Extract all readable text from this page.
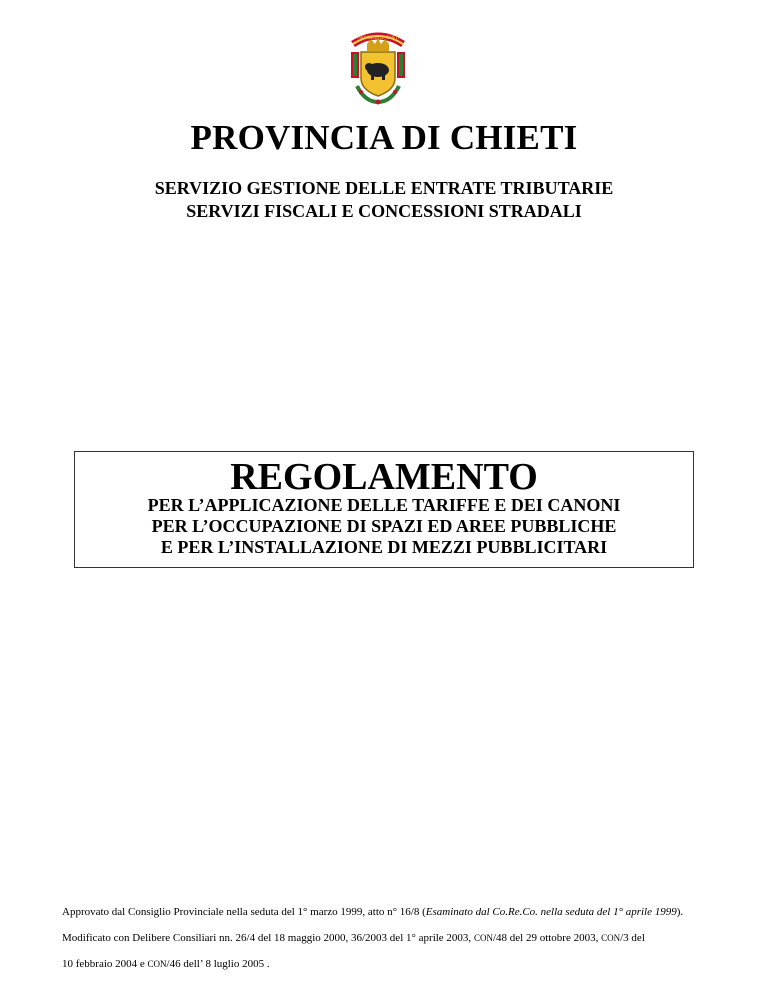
PROVINCIA DI CHIETI
PROVINCIA DI CHIETI
SERVIZIO GESTIONE DELLE ENTRATE TRIBUTARIE
SERVIZI FISCALI E CONCESSIONI STRADALI
REGOLAMENTO
PER L’APPLICAZIONE DELLE TARIFFE E DEI CANONI
PER L’OCCUPAZIONE DI SPAZI ED AREE PUBBLICHE
E PER L’INSTALLAZIONE DI MEZZI PUBBLICITARI
Approvato dal Consiglio Provinciale nella seduta del 1° marzo 1999, atto n° 16/8 (Esaminato dal Co.Re.Co. nella seduta del 1° aprile 1999).
Modificato con Delibere Consiliari nn. 26/4 del 18 maggio 2000, 36/2003 del 1° aprile 2003, CON/48 del 29 ottobre 2003, CON/3 del
10 febbraio 2004 e CON/46 dell’ 8 luglio 2005 .
